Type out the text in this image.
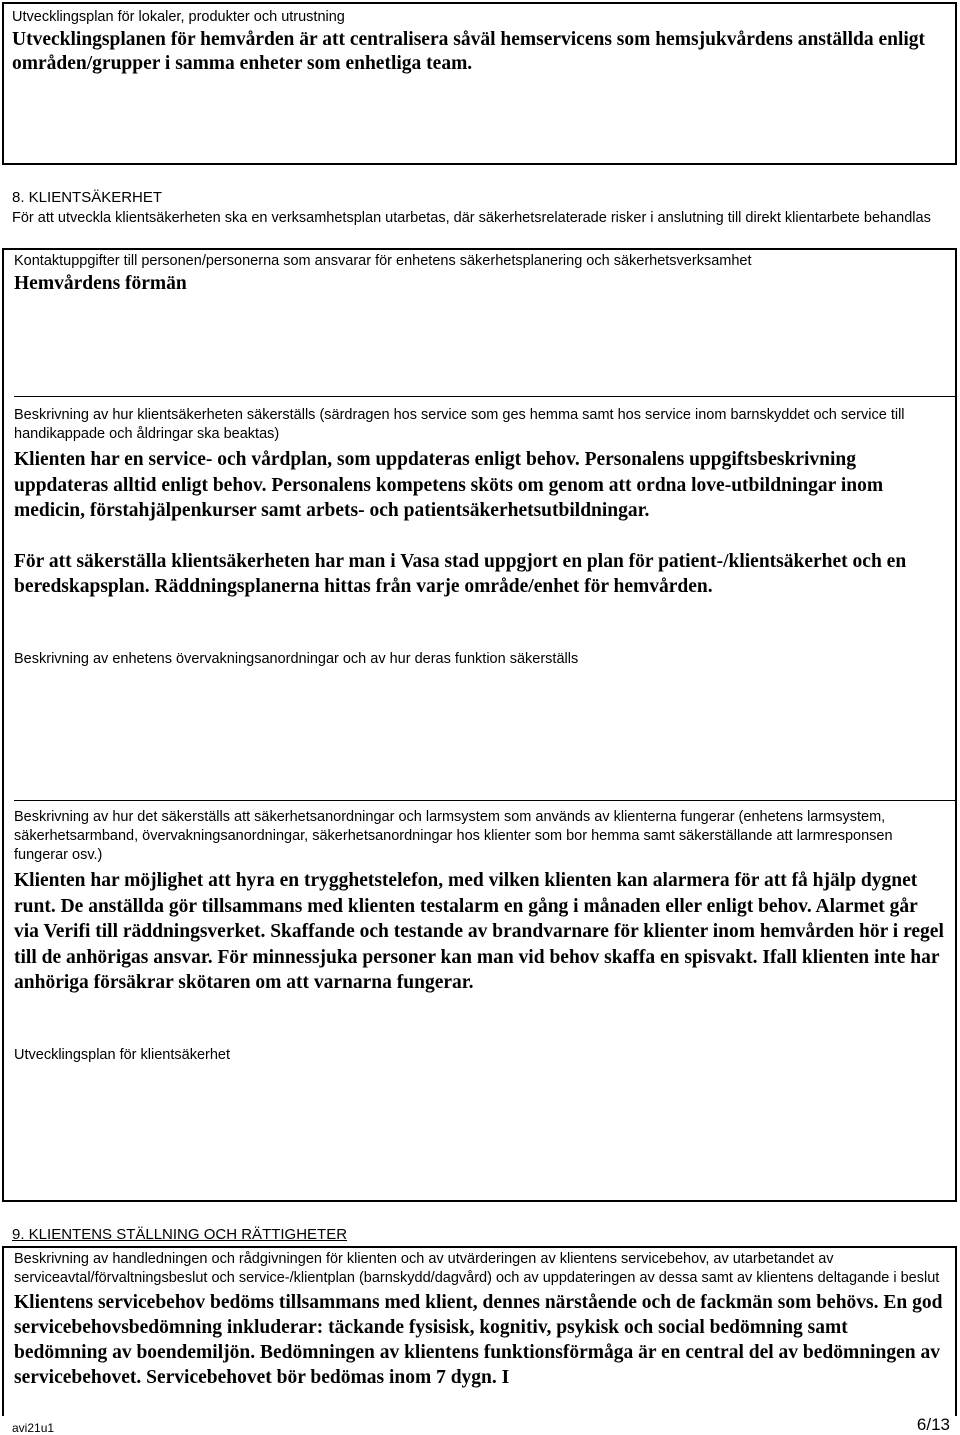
Utvecklingsplan för lokaler, produkter och utrustning

Utvecklingsplanen för hemvården är att centralisera såväl hemservicens som hemsjukvårdens anställda enligt områden/grupper i samma enheter som enhetliga team.

8. KLIENTSÄKERHET

För att utveckla klientsäkerheten ska en verksamhetsplan utarbetas, där säkerhetsrelaterade risker i anslutning till direkt klientarbete behandlas

Kontaktuppgifter till personen/personerna som ansvarar för enhetens säkerhetsplanering och säkerhetsverksamhet

Hemvårdens förmän

Beskrivning av hur klientsäkerheten säkerställs (särdragen hos service som ges hemma samt hos service inom barnskyddet och service till handikappade och åldringar ska beaktas)

Klienten har en service- och vårdplan, som uppdateras enligt behov. Personalens uppgiftsbeskrivning uppdateras alltid enligt behov. Personalens kompetens sköts om genom att ordna love-utbildningar inom medicin, förstahjälpenkurser samt arbets- och patientsäkerhetsutbildningar.

För att säkerställa klientsäkerheten har man i Vasa stad uppgjort en plan för patient-/klientsäkerhet och en beredskapsplan. Räddningsplanerna hittas från varje område/enhet för hemvården.

Beskrivning av enhetens övervakningsanordningar och av hur deras funktion säkerställs

Beskrivning av hur det säkerställs att säkerhetsanordningar och larmsystem som används av klienterna fungerar (enhetens larmsystem, säkerhetsarmband, övervakningsanordningar, säkerhetsanordningar hos klienter som bor hemma samt säkerställande att larmresponsen fungerar osv.)

Klienten har möjlighet att hyra en trygghetstelefon, med vilken klienten kan alarmera för att få hjälp dygnet runt. De anställda gör tillsammans med klienten testalarm en gång i månaden eller enligt behov. Alarmet går via Verifi till räddningsverket. Skaffande och testande av brandvarnare för klienter inom hemvården hör i regel till de anhörigas ansvar. För minnessjuka personer kan man vid behov skaffa en spisvakt. Ifall klienten inte har anhöriga försäkrar skötaren om att varnarna fungerar.

Utvecklingsplan för klientsäkerhet

9. KLIENTENS STÄLLNING OCH RÄTTIGHETER

Beskrivning av handledningen och rådgivningen för klienten och av utvärderingen av klientens servicebehov, av utarbetandet av serviceavtal/förvaltningsbeslut och service-/klientplan (barnskydd/dagvård) och av uppdateringen av dessa samt av klientens deltagande i beslut

Klientens servicebehov bedöms tillsammans med klient, dennes närstående och de fackmän som behövs. En god servicebehovsbedömning inkluderar: täckande fysisisk, kognitiv, psykisk och social bedömning samt bedömning av boendemiljön. Bedömningen av klientens funktionsförmåga är en central del av bedömningen av servicebehovet. Servicebehovet bör bedömas inom 7 dygn. I

avi21u1	6/13
